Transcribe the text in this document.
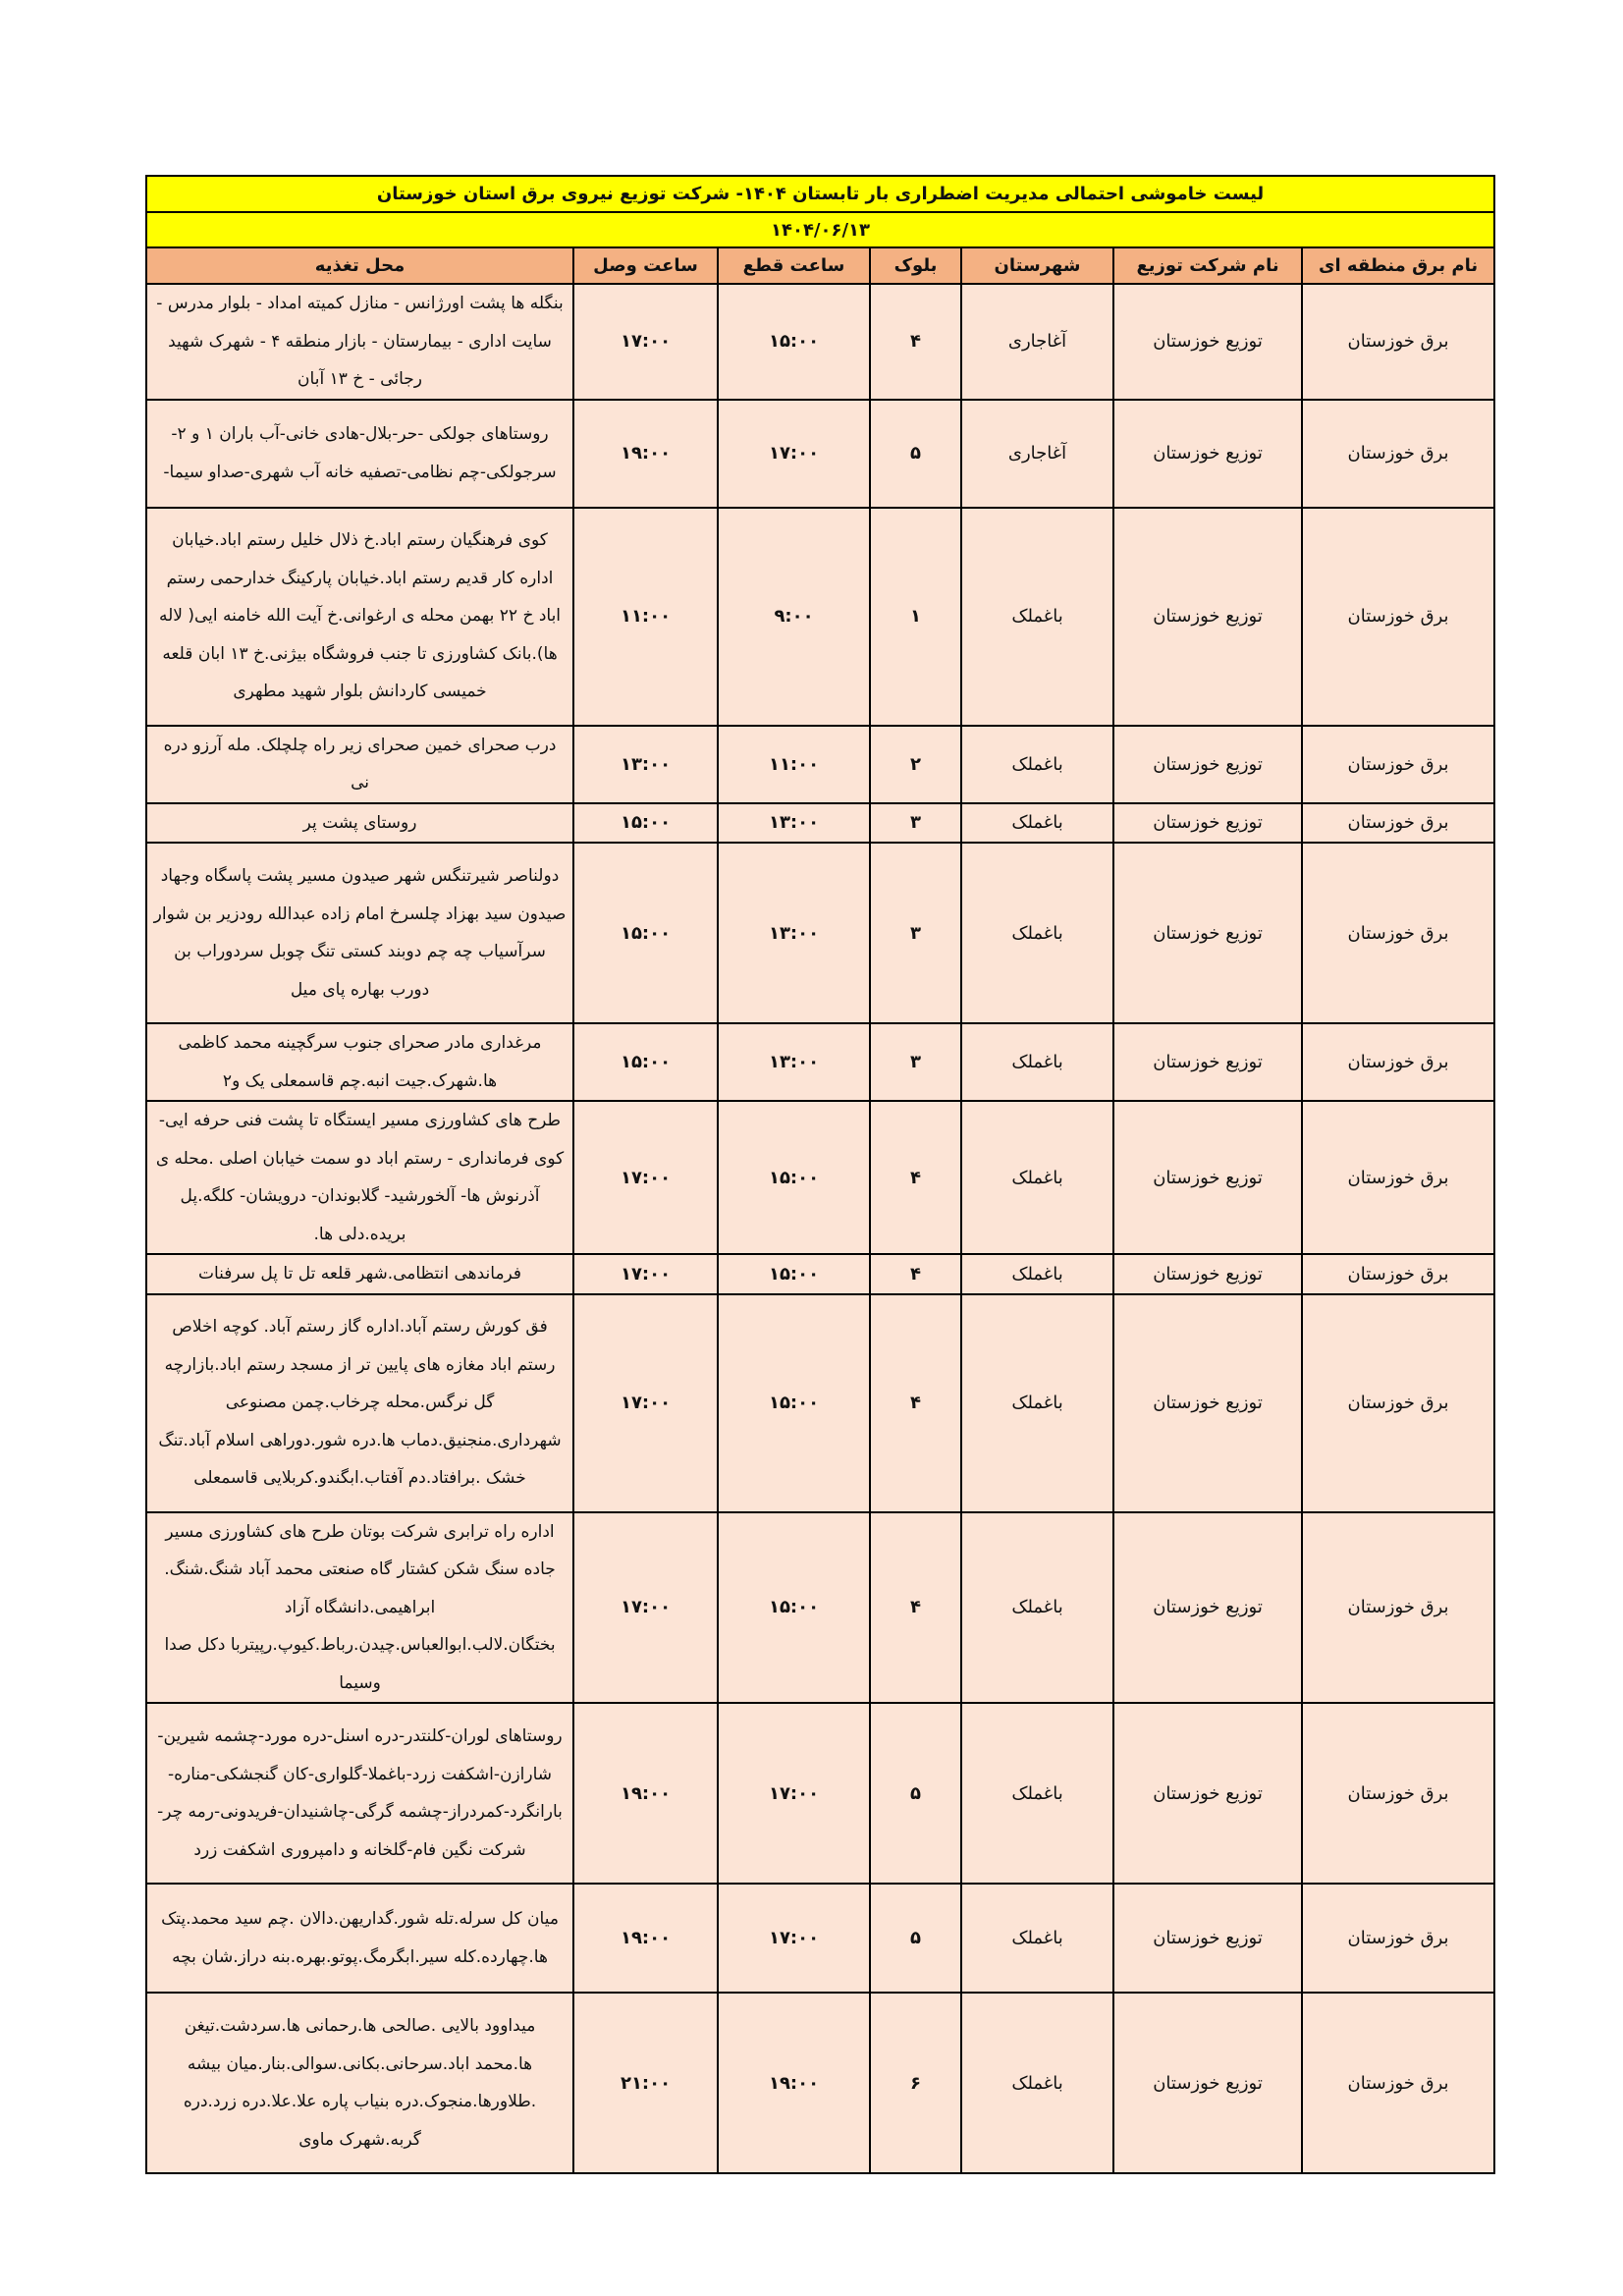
لیست خاموشی احتمالی مدیریت اضطراری بار تابستان ۱۴۰۴- شرکت توزیع نیروی برق استان خوزستان						
۱۴۰۴/۰۶/۱۳						
نام برق منطقه ای	نام شرکت توزیع	شهرستان	بلوک	ساعت قطع	ساعت وصل	محل تغذیه
برق خوزستان	توزیع خوزستان	آغاجاری	۴	۱۵:۰۰	۱۷:۰۰	بنگله ها پشت اورژانس - منازل کمیته امداد - بلوار مدرس - سایت اداری - بیمارستان - بازار منطقه ۴ - شهرک شهید رجائی - خ ۱۳ آبان
برق خوزستان	توزیع خوزستان	آغاجاری	۵	۱۷:۰۰	۱۹:۰۰	روستاهای جولکی -حر-بلال-هادی خانی-آب باران ۱ و ۲-سرجولکی-چم نظامی-تصفیه خانه آب شهری-صداو سیما-
برق خوزستان	توزیع خوزستان	باغملک	۱	۹:۰۰	۱۱:۰۰	کوی فرهنگیان رستم اباد.خ ذلال خلیل رستم اباد.خیابان اداره کار قدیم رستم اباد.خیابان پارکینگ خدارحمی رستم اباد خ ۲۲ بهمن محله ی ارغوانی.خ آیت الله خامنه ایی( لاله ها).بانک کشاورزی تا جنب فروشگاه بیژنی.خ ۱۳ ابان قلعه خمیسی کاردانش بلوار شهید مطهری
برق خوزستان	توزیع خوزستان	باغملک	۲	۱۱:۰۰	۱۳:۰۰	درب صحرای خمین صحرای زیر راه چلچلک. مله آرزو دره نی
برق خوزستان	توزیع خوزستان	باغملک	۳	۱۳:۰۰	۱۵:۰۰	روستای پشت پر
برق خوزستان	توزیع خوزستان	باغملک	۳	۱۳:۰۰	۱۵:۰۰	دولناصر شیرتنگس شهر صیدون مسیر پشت پاسگاه وجهاد صیدون سید بهزاد چلسرخ امام زاده عبدالله رودزیر بن شوار سرآسیاب چه چم دوبند کستی تنگ چوبل سردوراب بن دورب بهاره پای میل
برق خوزستان	توزیع خوزستان	باغملک	۳	۱۳:۰۰	۱۵:۰۰	مرغداری مادر صحرای جنوب سرگچینه محمد کاظمی ها.شهرک.جیت انبه.چم قاسمعلی یک و۲
برق خوزستان	توزیع خوزستان	باغملک	۴	۱۵:۰۰	۱۷:۰۰	طرح های کشاورزی مسیر ایستگاه تا پشت فنی حرفه ایی- کوی فرمانداری - رستم اباد دو سمت خیابان اصلی .محله ی آذرنوش ها- آلخورشید- گلابوندان- درویشان- کلگه.پل بریده.دلی ها.
برق خوزستان	توزیع خوزستان	باغملک	۴	۱۵:۰۰	۱۷:۰۰	فرماندهی انتظامی.شهر قلعه تل تا پل سرفنات
برق خوزستان	توزیع خوزستان	باغملک	۴	۱۵:۰۰	۱۷:۰۰	فق کورش رستم آباد.اداره گاز رستم آباد. کوچه اخلاص رستم اباد مغازه های پایین تر از مسجد رستم اباد.بازارچه گل نرگس.محله چرخاب.چمن مصنوعی شهرداری.منجنیق.دماب ها.دره شور.دوراهی اسلام آباد.تنگ خشک .برافتاد.دم آفتاب.ابگندو.کربلایی قاسمعلی
برق خوزستان	توزیع خوزستان	باغملک	۴	۱۵:۰۰	۱۷:۰۰	اداره راه ترابری شرکت بوتان طرح های کشاورزی مسیر جاده سنگ شکن کشتار گاه صنعتی محمد آباد شنگ.شنگ. ابراهیمی.دانشگاه آزاد بختگان.لالب.ابوالعباس.چیدن.رباط.کیوپ.رپیتربا دکل صدا وسیما
برق خوزستان	توزیع خوزستان	باغملک	۵	۱۷:۰۰	۱۹:۰۰	روستاهای لوران-کلنتدر-دره اسنل-دره مورد-چشمه شیرین-شارازن-اشکفت زرد-باغملا-گلواری-کان گنجشکی-مناره-بارانگرد-کمردراز-چشمه گرگی-چاشنیدان-فریدونی-رمه چر-شرکت نگین فام-گلخانه و دامپروری اشکفت زرد
برق خوزستان	توزیع خوزستان	باغملک	۵	۱۷:۰۰	۱۹:۰۰	میان کل سرله.تله شور.گداریهن.دالان .چم سید محمد.پتک ها.چهارده.کله سیر.ابگرمگ.پوتو.بهره.بنه دراز.شان بچه
برق خوزستان	توزیع خوزستان	باغملک	۶	۱۹:۰۰	۲۱:۰۰	میداوود بالایی .صالحی ها.رحمانی ها.سردشت.تیغن ها.محمد اباد.سرحانی.بکانی.سوالی.بنار.میان بیشه .طلاورها.منجوک.دره بنیاب پاره علا.علا.دره زرد.دره گربه.شهرک ماوی
